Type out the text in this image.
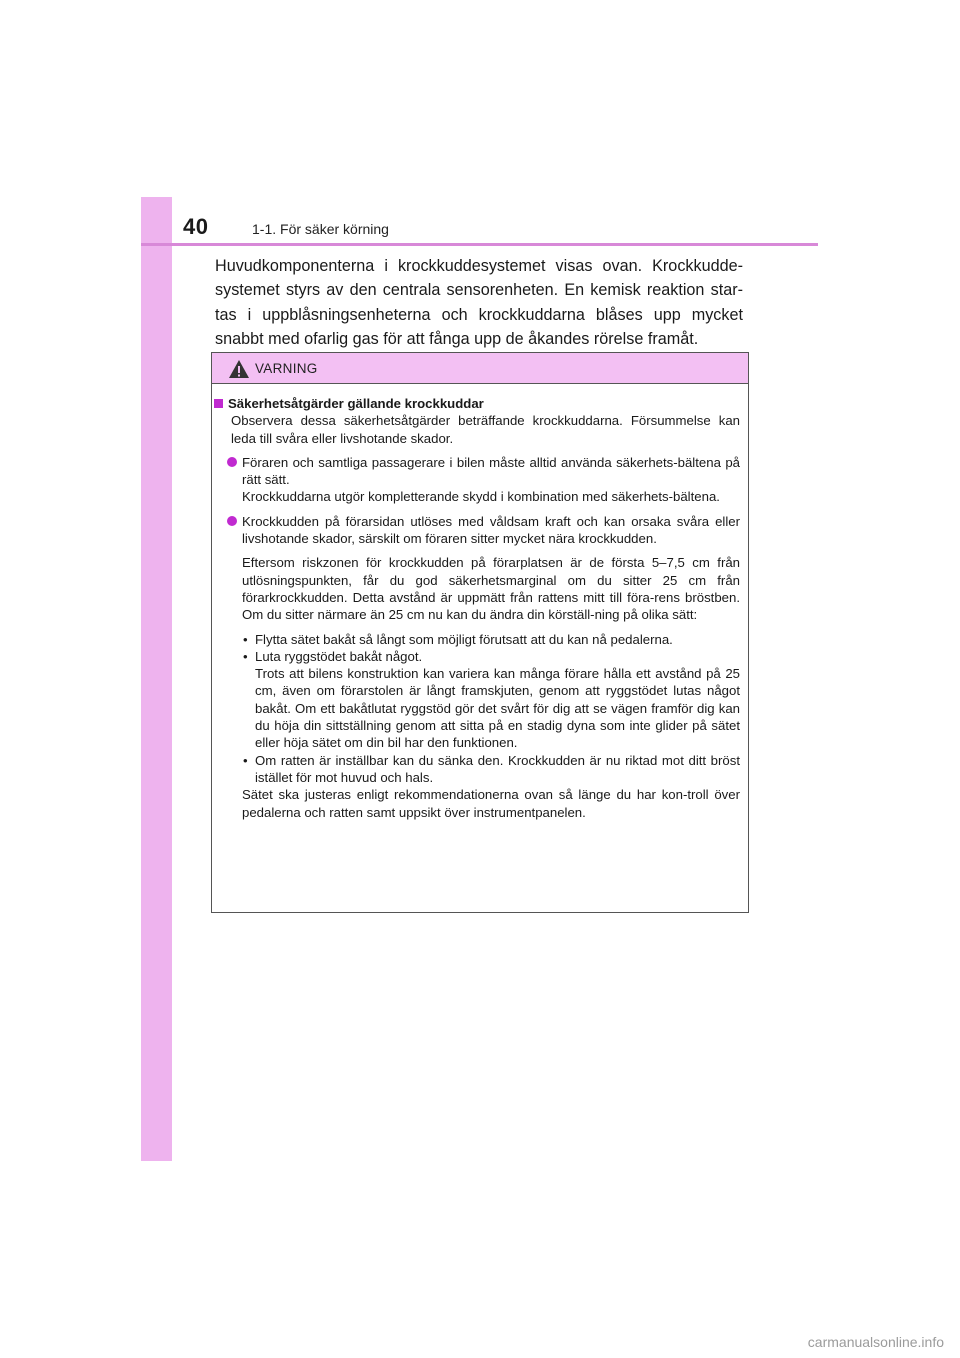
40	1-1. För säker körning

Huvudkomponenterna i krockkuddesystemet visas ovan. Krockkudde-systemet styrs av den centrala sensorenheten. En kemisk reaktion star-tas i uppblåsningsenheterna och krockkuddarna blåses upp mycket snabbt med ofarlig gas för att fånga upp de åkandes rörelse framåt.

VARNING

Säkerhetsåtgärder gällande krockkuddar

Observera dessa säkerhetsåtgärder beträffande krockkuddarna. Försummelse kan leda till svåra eller livshotande skador.

Föraren och samtliga passagerare i bilen måste alltid använda säkerhets-bältena på rätt sätt.

Krockkuddarna utgör kompletterande skydd i kombination med säkerhets-bältena.

Krockkudden på förarsidan utlöses med våldsam kraft och kan orsaka svåra eller livshotande skador, särskilt om föraren sitter mycket nära krockkudden.

Eftersom riskzonen för krockkudden på förarplatsen är de första 5–7,5 cm från utlösningspunkten, får du god säkerhetsmarginal om du sitter 25 cm från förarkrockkudden. Detta avstånd är uppmätt från rattens mitt till föra-rens bröstben. Om du sitter närmare än 25 cm nu kan du ändra din körställ-ning på olika sätt:

• Flytta sätet bakåt så långt som möjligt förutsatt att du kan nå pedalerna.

• Luta ryggstödet bakåt något.

Trots att bilens konstruktion kan variera kan många förare hålla ett avstånd på 25 cm, även om förarstolen är långt framskjuten, genom att ryggstödet lutas något bakåt. Om ett bakåtlutat ryggstöd gör det svårt för dig att se vägen framför dig kan du höja din sittställning genom att sitta på en stadig dyna som inte glider på sätet eller höja sätet om din bil har den funktionen.

• Om ratten är inställbar kan du sänka den. Krockkudden är nu riktad mot ditt bröst istället för mot huvud och hals.

Sätet ska justeras enligt rekommendationerna ovan så länge du har kon-troll över pedalerna och ratten samt uppsikt över instrumentpanelen.

carmanualsonline.info
